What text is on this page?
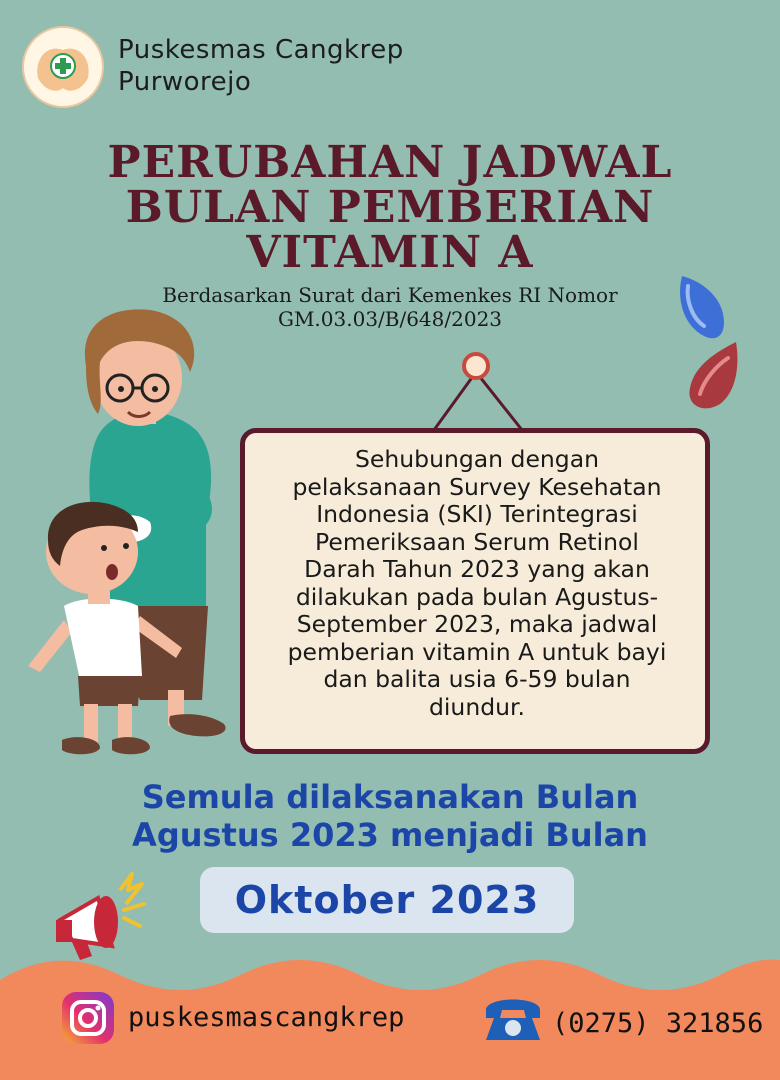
Puskesmas Cangkrep
Purworejo
PERUBAHAN JADWAL
BULAN PEMBERIAN
VITAMIN A
Berdasarkan Surat dari Kemenkes RI Nomor
GM.03.03/B/648/2023
Sehubungan dengan
pelaksanaan Survey Kesehatan
Indonesia (SKI) Terintegrasi
Pemeriksaan Serum Retinol
Darah Tahun 2023 yang akan
dilakukan pada bulan Agustus-
September 2023, maka jadwal
pemberian vitamin A untuk bayi
dan balita usia 6-59 bulan
diundur.
Semula dilaksanakan Bulan
Agustus 2023 menjadi Bulan
Oktober 2023
puskesmascangkrep	(0275) 321856
